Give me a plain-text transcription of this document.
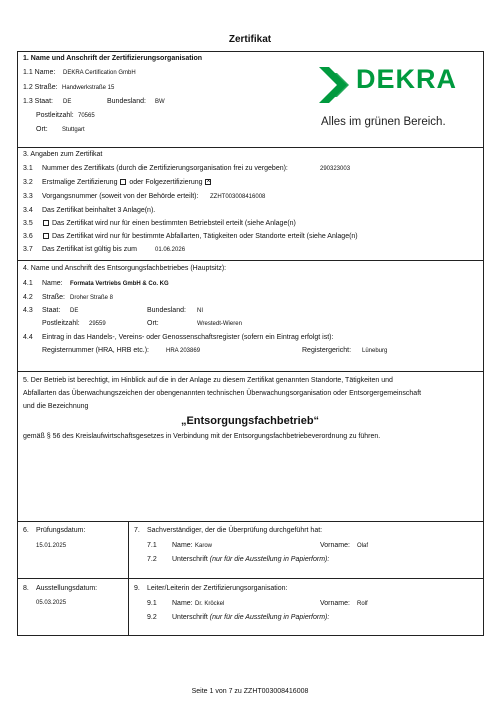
Zertifikat
1. Name und Anschrift der Zertifizierungsorganisation
1.1 Name: DEKRA Certification GmbH
1.2 Straße: Handwerkstraße 15
1.3 Staat: DE	Bundesland: BW
Postleitzahl: 70565
Ort: Stuttgart
DEKRA
Alles im grünen Bereich.
3. Angaben zum Zertifikat
3.1 Nummer des Zertifikats (durch die Zertifizierungsorganisation frei zu vergeben):	290323003
3.2 Erstmalige Zertifizierung oder Folgezertifizierung ×
3.3 Vorgangsnummer (soweit von der Behörde erteilt): ZZHT003008416008
3.4 Das Zertifikat beinhaltet 3 Anlage(n).
3.5	Das Zertifikat wird nur für einen bestimmten Betriebsteil erteilt (siehe Anlage(n)
3.6	Das Zertifikat wird nur für bestimmte Abfallarten, Tätigkeiten oder Standorte erteilt (siehe Anlage(n)
3.7 Das Zertifikat ist gültig bis zum	01.06.2026
4. Name und Anschrift des Entsorgungsfachbetriebes (Hauptsitz):
4.1 Name: Formata Vertriebs GmbH & Co. KG
4.2 Straße: Droher Straße 8
4.3 Staat: DE	Bundesland: NI
Postleitzahl: 29559	Ort:	Wrestedt-Wieren
4.4 Eintrag in das Handels-, Vereins- oder Genossenschaftsregister (sofern ein Eintrag erfolgt ist):
Registernummer (HRA, HRB etc.):	HRA 203869	Registergericht: Lüneburg
5. Der Betrieb ist berechtigt, im Hinblick auf die in der Anlage zu diesem Zertifikat genannten Standorte, Tätigkeiten und
Abfallarten das Überwachungszeichen der obengenannten technischen Überwachungsorganisation oder Entsorgergemeinschaft
und die Bezeichnung
„Entsorgungsfachbetrieb“
gemäß § 56 des Kreislaufwirtschaftsgesetzes in Verbindung mit der Entsorgungsfachbetriebeverordnung zu führen.
6. Prüfungsdatum:
15.01.2025
7. Sachverständiger, der die Überprüfung durchgeführt hat:
7.1 Name: Karow	Vorname: Olaf
7.2 Unterschrift (nur für die Ausstellung in Papierform):
8. Ausstellungsdatum:
05.03.2025
9. Leiter/Leiterin der Zertifizierungsorganisation:
9.1 Name: Dr. Kröckel	Vorname: Rolf
9.2 Unterschrift (nur für die Ausstellung in Papierform):
Seite 1 von 7 zu ZZHT003008416008
